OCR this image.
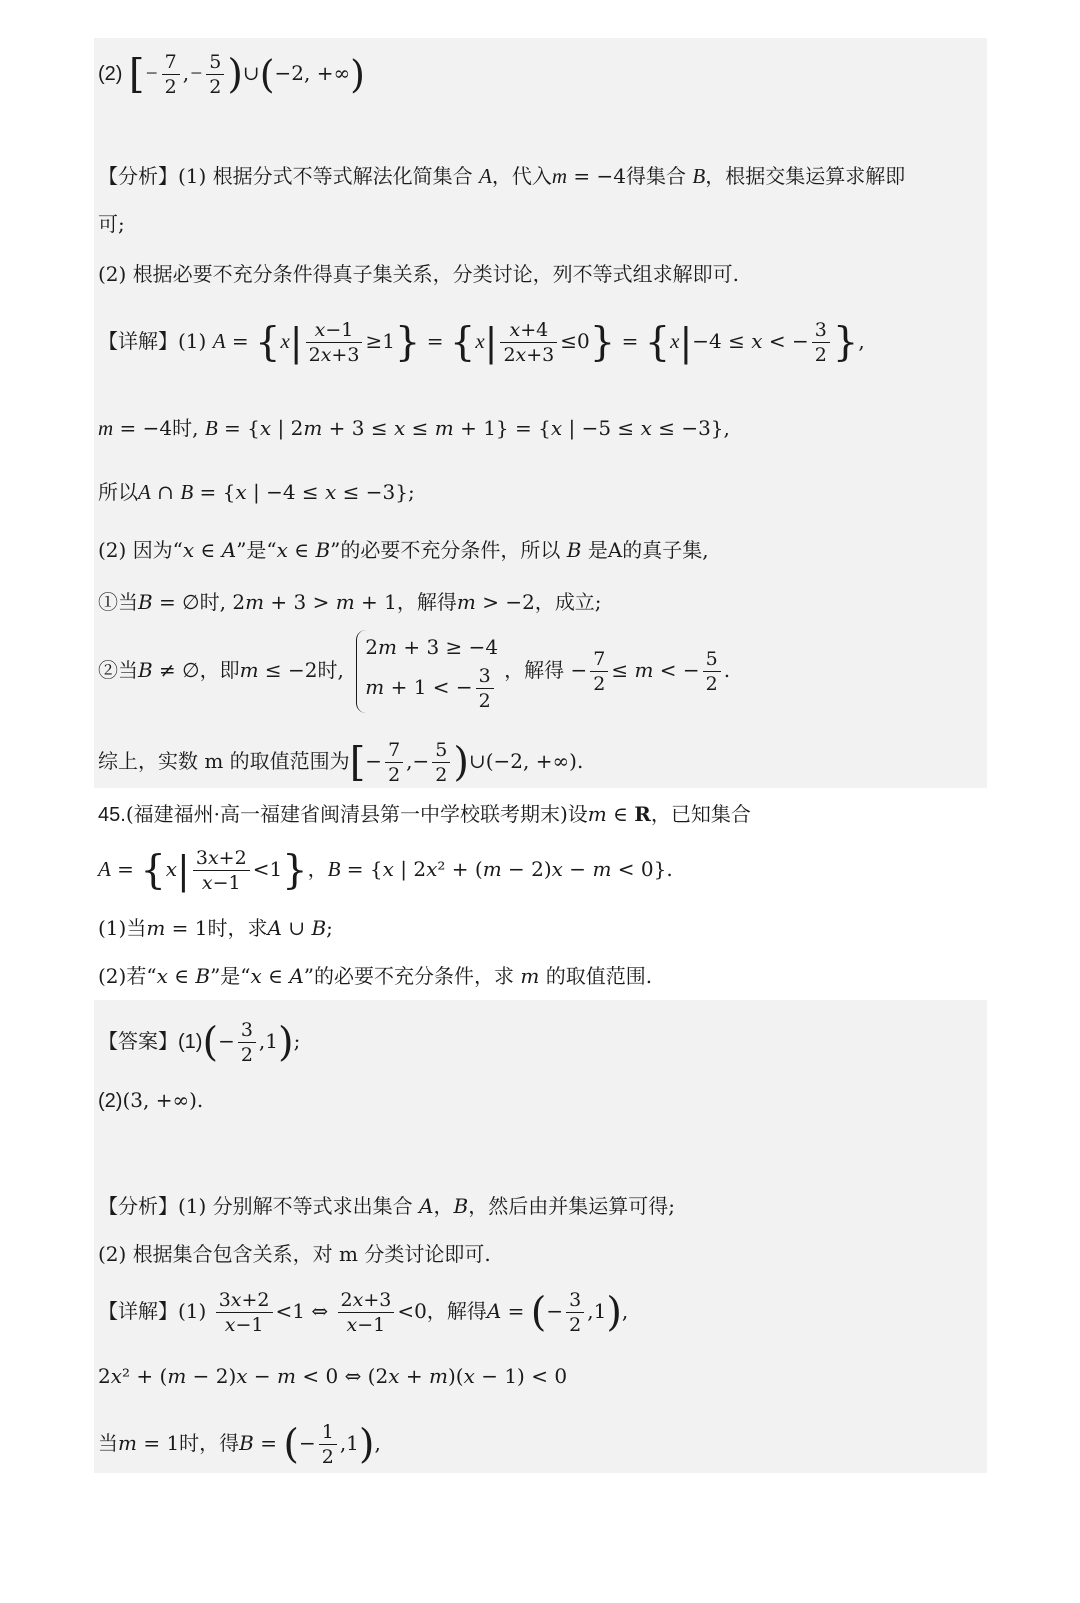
(2) [− $\frac{7}{2}$ ,− $\frac{5}{2}$ )∪(−2, +∞)
【分析】(1) 根据分式不等式解法化简集合 A，代入m = −4得集合 B，根据交集运算求解即
可;
(2) 根据必要不充分条件得真子集关系，分类讨论，列不等式组求解即可.
【详解】(1) $A = \{x| \frac{x-1}{2x+3} \ge 1\} = \{x| \frac{x+4}{2x+3} \le 0\} = \{x|-4 \le x$ < − $\frac{3}{2}$ },
m = −4时, B = {x | 2m + 3 ≤ x ≤ m + 1} = {x | −5 ≤ x ≤ −3},
所以A ∩ B = {x | −4 ≤ x ≤ −3};
(2) 因为“x ∈ A”是“x ∈ B”的必要不充分条件，所以 B 是A的真子集,
①当B = ∅时, 2m + 3 > m + 1，解得m > −2，成立;
②当B ≠ ∅，即m ≤ −2时,
2m + 3 ≥ −4
m + 1 < − $\frac{3}{2}$ ，解得 − $\frac{7}{2} \le m$ < − $\frac{5}{2}$ .
综上，实数 m 的取值范围为[− $\frac{7}{2}$ ,− $\frac{5}{2}$ )∪(−2, +∞).
45.(福建福州·高一福建省闽清县第一中学校联考期末)设m ∈ R，已知集合
$A = \{x| \frac{3x+2}{x-1} <1\}$，B = {x | 2x² + (m − 2)x − m < 0}.
(1)当m = 1时，求A ∪ B;
(2)若“x ∈ B”是“x ∈ A”的必要不充分条件，求 m 的取值范围.
【答案】$(1)(- \frac{3}{2} ,1)$;
(2)(3, +∞).
【分析】(1) 分别解不等式求出集合 A，B，然后由并集运算可得;
(2) 根据集合包含关系，对 m 分类讨论即可.
【详解】$(1) \frac{3x+2}{x-1} <1$ ⇔ $\frac{2x+3}{x-1} <0$，解得A = (− $\frac{3}{2} ,1$),
2x² + (m − 2)x − m < 0 ⇔ (2x + m)(x − 1) < 0
当m = 1时，得B = (− $\frac{1}{2} ,1$),
